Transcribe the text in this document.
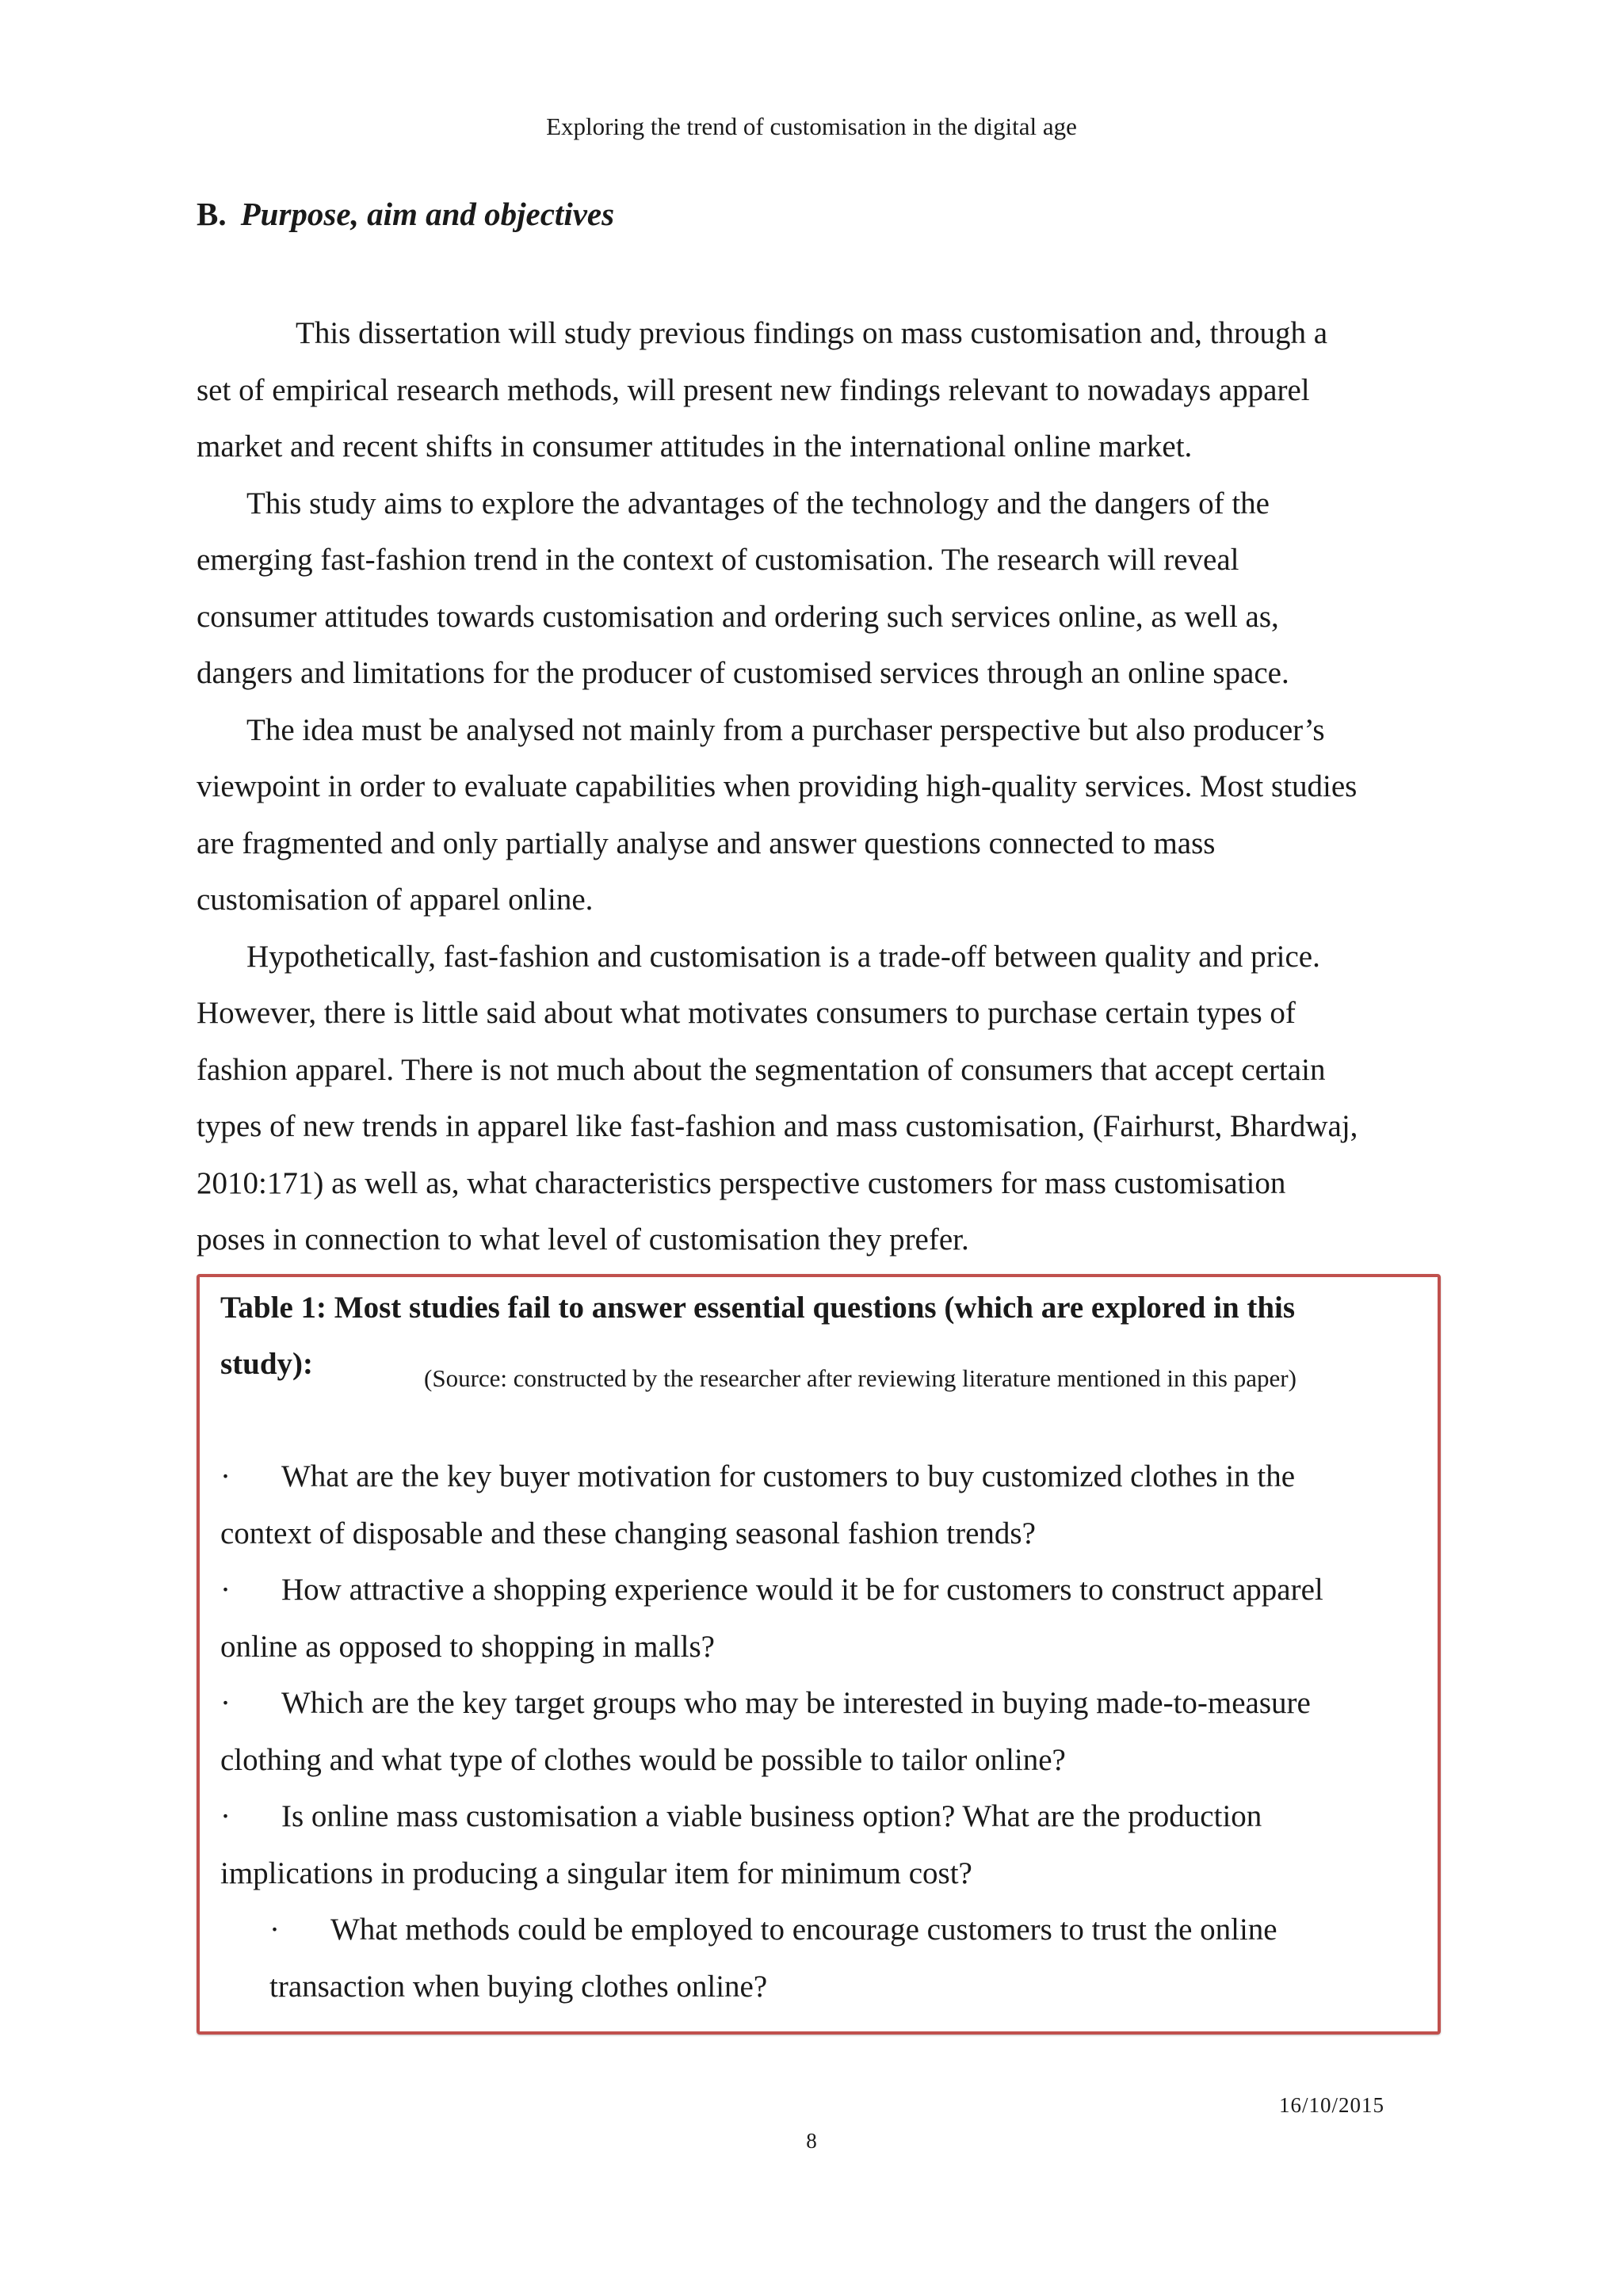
Exploring the trend of customisation in the digital age
B. Purpose, aim and objectives

This dissertation will study previous findings on mass customisation and, through a

set of empirical research methods, will present new findings relevant to nowadays apparel

market and recent shifts in consumer attitudes in the international online market.

This study aims to explore the advantages of the technology and the dangers of the

emerging fast-fashion trend in the context of customisation. The research will reveal

consumer attitudes towards customisation and ordering such services online, as well as,

dangers and limitations for the producer of customised services through an online space.

The idea must be analysed not mainly from a purchaser perspective but also producer’s

viewpoint in order to evaluate capabilities when providing high-quality services. Most studies

are fragmented and only partially analyse and answer questions connected to mass

customisation of apparel online.

Hypothetically, fast-fashion and customisation is a trade-off between quality and price.

However, there is little said about what motivates consumers to purchase certain types of

fashion apparel. There is not much about the segmentation of consumers that accept certain

types of new trends in apparel like fast-fashion and mass customisation, (Fairhurst, Bhardwaj,

2010:171) as well as, what characteristics perspective customers for mass customisation

poses in connection to what level of customisation they prefer.

Table 1: Most studies fail to answer essential questions (which are explored in this
study):	(Source: constructed by the researcher after reviewing literature mentioned in this paper)

· What are the key buyer motivation for customers to buy customized clothes in the

context of disposable and these changing seasonal fashion trends?

· How attractive a shopping experience would it be for customers to construct apparel

online as opposed to shopping in malls?

· Which are the key target groups who may be interested in buying made-to-measure

clothing and what type of clothes would be possible to tailor online?

· Is online mass customisation a viable business option? What are the production

implications in producing a singular item for minimum cost?

· What methods could be employed to encourage customers to trust the online

transaction when buying clothes online?

16/10/2015
8
